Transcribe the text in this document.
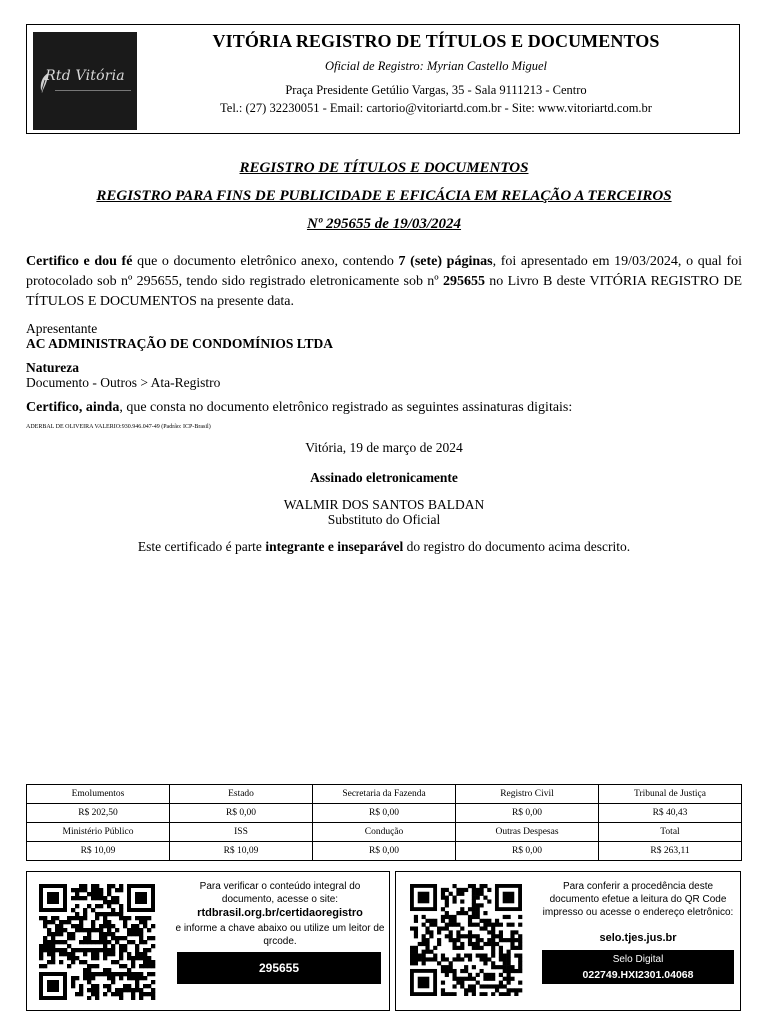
Rtd Vitória
VITÓRIA REGISTRO DE TÍTULOS E DOCUMENTOS
Oficial de Registro: Myrian Castello Miguel
Praça Presidente Getúlio Vargas, 35 - Sala 9111213 - Centro
Tel.: (27) 32230051 - Email: cartorio@vitoriartd.com.br - Site: www.vitoriartd.com.br
REGISTRO DE TÍTULOS E DOCUMENTOS
REGISTRO PARA FINS DE PUBLICIDADE E EFICÁCIA EM RELAÇÃO A TERCEIROS
Nº 295655 de 19/03/2024
Certifico e dou fé que o documento eletrônico anexo, contendo 7 (sete) páginas, foi apresentado em 19/03/2024, o qual foi protocolado sob nº 295655, tendo sido registrado eletronicamente sob nº 295655 no Livro B deste VITÓRIA REGISTRO DE TÍTULOS E DOCUMENTOS na presente data.
Apresentante
AC ADMINISTRAÇÃO DE CONDOMÍNIOS LTDA
Natureza
Documento - Outros > Ata-Registro
Certifico, ainda, que consta no documento eletrônico registrado as seguintes assinaturas digitais:
ADERBAL DE OLIVEIRA VALERIO:930.946.047-49 (Padrão: ICP-Brasil)
Vitória, 19 de março de 2024
Assinado eletronicamente
WALMIR DOS SANTOS BALDAN
Substituto do Oficial
Este certificado é parte integrante e inseparável do registro do documento acima descrito.
Emolumentos	Estado	Secretaria da Fazenda	Registro Civil	Tribunal de Justiça
R$ 202,50	R$ 0,00	R$ 0,00	R$ 0,00	R$ 40,43
Ministério Público	ISS	Condução	Outras Despesas	Total
R$ 10,09	R$ 10,09	R$ 0,00	R$ 0,00	R$ 263,11
Para verificar o conteúdo integral do documento, acesse o site:
rtdbrasil.org.br/certidaoregistro
e informe a chave abaixo ou utilize um leitor de qrcode.
295655
Para conferir a procedência deste documento efetue a leitura do QR Code impresso ou acesse o endereço eletrônico:
selo.tjes.jus.br
Selo Digital
022749.HXI2301.04068
